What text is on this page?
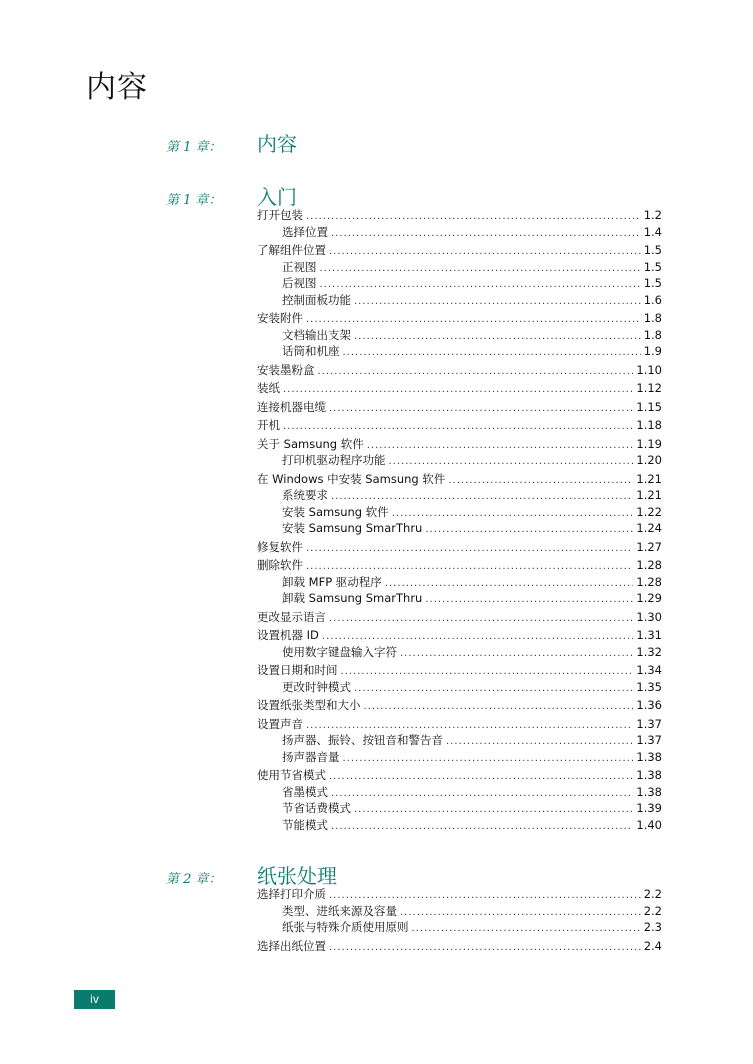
内容
第 1 章： 内容
第 1 章： 入门
打开包装 .....	1.2
选择位置 .....	1.4
了解组件位置 .....	1.5
正视图 .....	1.5
后视图 .....	1.5
控制面板功能 .....	1.6
安装附件 .....	1.8
文档输出支架 .....	1.8
话筒和机座 .....	1.9
安装墨粉盒 .....	1.10
装纸 .....	1.12
连接机器电缆 .....	1.15
开机 .....	1.18
关于 Samsung 软件 .....	1.19
打印机驱动程序功能 .....	1.20
在 Windows 中安装 Samsung 软件 .....	1.21
系统要求 .....	1.21
安装 Samsung 软件 .....	1.22
安装 Samsung SmarThru .....	1.24
修复软件 .....	1.27
删除软件 .....	1.28
卸载 MFP 驱动程序 .....	1.28
卸载 Samsung SmarThru .....	1.29
更改显示语言 .....	1.30
设置机器 ID .....	1.31
使用数字键盘输入字符 .....	1.32
设置日期和时间 .....	1.34
更改时钟模式 .....	1.35
设置纸张类型和大小 .....	1.36
设置声音 .....	1.37
扬声器、振铃、按钮音和警告音 .....	1.37
扬声器音量 .....	1.38
使用节省模式 .....	1.38
省墨模式 .....	1.38
节省话费模式 .....	1.39
节能模式 .....	1.40
第 2 章： 纸张处理
选择打印介质 .....	2.2
类型、进纸来源及容量 .....	2.2
纸张与特殊介质使用原则 .....	2.3
选择出纸位置 .....	2.4
iv
